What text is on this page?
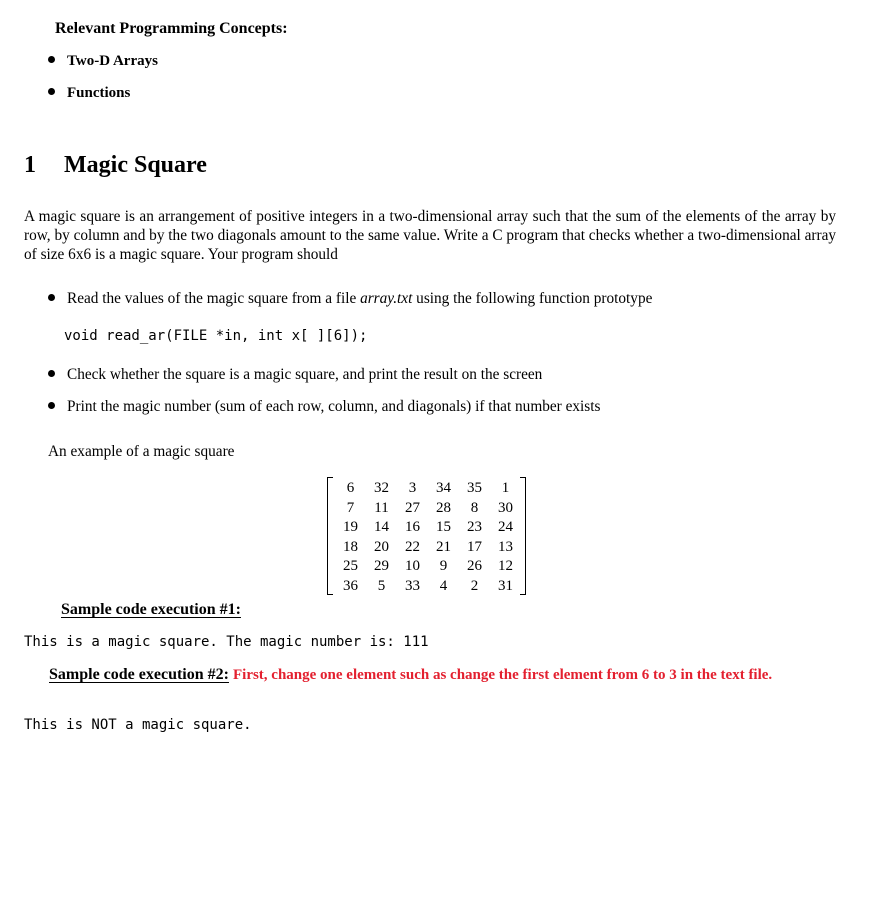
Relevant Programming Concepts:
Two-D Arrays
Functions
1 Magic Square
A magic square is an arrangement of positive integers in a two-dimensional array such that the sum of the elements of the array by row, by column and by the two diagonals amount to the same value. Write a C program that checks whether a two-dimensional array of size 6x6 is a magic square. Your program should
Read the values of the magic square from a file array.txt using the following function prototype
void read_ar(FILE *in, int x[ ][6]);
Check whether the square is a magic square, and print the result on the screen
Print the magic number (sum of each row, column, and diagonals) if that number exists
An example of a magic square
6 32 3 34 35 1
7 11 27 28 8 30
19 14 16 15 23 24
18 20 22 21 17 13
25 29 10 9 26 12
36 5 33 4 2 31
Sample code execution #1:
This is a magic square. The magic number is: 111
Sample code execution #2: First, change one element such as change the first element from 6 to 3 in the text file.
This is NOT a magic square.
